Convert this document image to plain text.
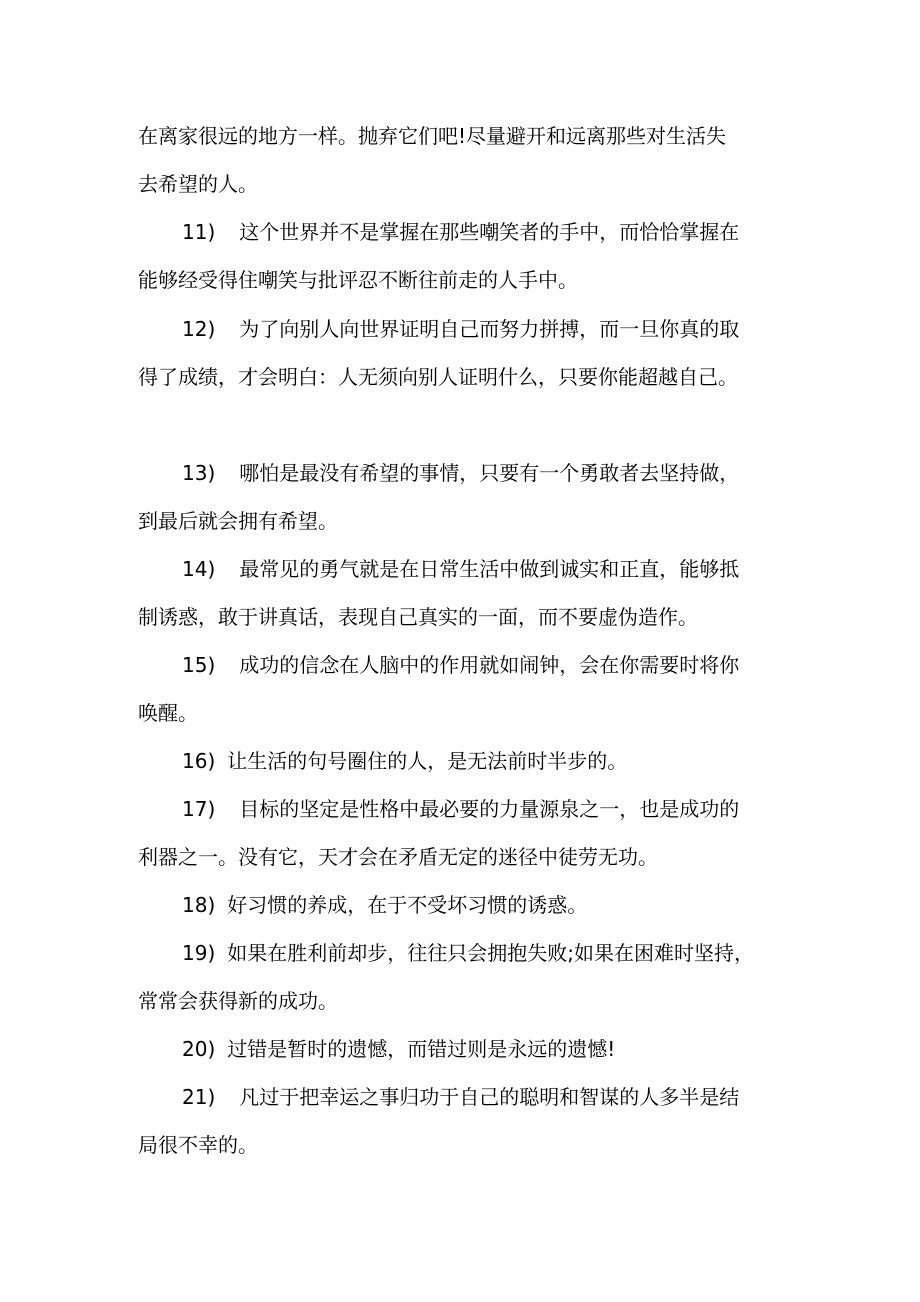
在离家很远的地方一样。抛弃它们吧!尽量避开和远离那些对生活失
去希望的人。
11) 这个世界并不是掌握在那些嘲笑者的手中，而恰恰掌握在
能够经受得住嘲笑与批评忍不断往前走的人手中。
12) 为了向别人向世界证明自己而努力拼搏，而一旦你真的取
得了成绩，才会明白：人无须向别人证明什么，只要你能超越自己。
13) 哪怕是最没有希望的事情，只要有一个勇敢者去坚持做，
到最后就会拥有希望。
14) 最常见的勇气就是在日常生活中做到诚实和正直，能够抵
制诱惑，敢于讲真话，表现自己真实的一面，而不要虚伪造作。
15) 成功的信念在人脑中的作用就如闹钟，会在你需要时将你
唤醒。
16) 让生活的句号圈住的人，是无法前时半步的。
17) 目标的坚定是性格中最必要的力量源泉之一，也是成功的
利器之一。没有它，天才会在矛盾无定的迷径中徒劳无功。
18) 好习惯的养成，在于不受坏习惯的诱惑。
19) 如果在胜利前却步，往往只会拥抱失败;如果在困难时坚持，
常常会获得新的成功。
20) 过错是暂时的遗憾，而错过则是永远的遗憾!
21) 凡过于把幸运之事归功于自己的聪明和智谋的人多半是结
局很不幸的。
